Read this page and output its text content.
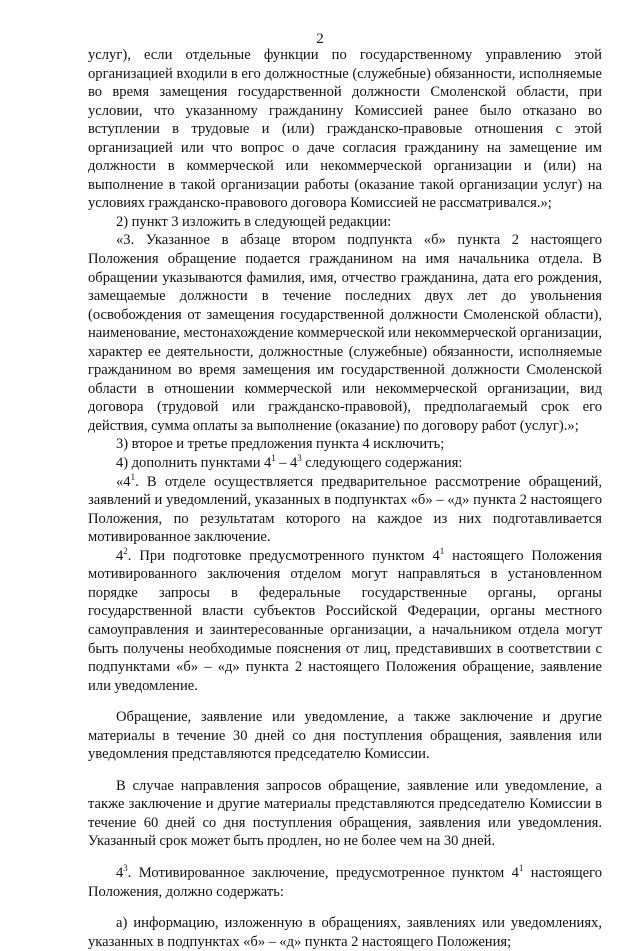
2

услуг), если отдельные функции по государственному управлению этой организацией входили в его должностные (служебные) обязанности, исполняемые во время замещения государственной должности Смоленской области, при условии, что указанному гражданину Комиссией ранее было отказано во вступлении в трудовые и (или) гражданско-правовые отношения с этой организацией или что вопрос о даче согласия гражданину на замещение им должности в коммерческой или некоммерческой организации и (или) на выполнение в такой организации работы (оказание такой организации услуг) на условиях гражданско-правового договора Комиссией не рассматривался.»;

2) пункт 3 изложить в следующей редакции:

«3. Указанное в абзаце втором подпункта «б» пункта 2 настоящего Положения обращение подается гражданином на имя начальника отдела. В обращении указываются фамилия, имя, отчество гражданина, дата его рождения, замещаемые должности в течение последних двух лет до увольнения (освобождения от замещения государственной должности Смоленской области), наименование, местонахождение коммерческой или некоммерческой организации, характер ее деятельности, должностные (служебные) обязанности, исполняемые гражданином во время замещения им государственной должности Смоленской области в отношении коммерческой или некоммерческой организации, вид договора (трудовой или гражданско-правовой), предполагаемый срок его действия, сумма оплаты за выполнение (оказание) по договору работ (услуг).»;

3) второе и третье предложения пункта 4 исключить;

4) дополнить пунктами $4^1 - 4^3$ следующего содержания:

«$4^1$. В отделе осуществляется предварительное рассмотрение обращений, заявлений и уведомлений, указанных в подпунктах «б» – «д» пункта 2 настоящего Положения, по результатам которого на каждое из них подготавливается мотивированное заключение.

$4^2$. При подготовке предусмотренного пунктом $4^1$ настоящего Положения мотивированного заключения отделом могут направляться в установленном порядке запросы в федеральные государственные органы, органы государственной власти субъектов Российской Федерации, органы местного самоуправления и заинтересованные организации, а начальником отдела могут быть получены необходимые пояснения от лиц, представивших в соответствии с подпунктами «б» – «д» пункта 2 настоящего Положения обращение, заявление или уведомление.

Обращение, заявление или уведомление, а также заключение и другие материалы в течение 30 дней со дня поступления обращения, заявления или уведомления представляются председателю Комиссии.

В случае направления запросов обращение, заявление или уведомление, а также заключение и другие материалы представляются председателю Комиссии в течение 60 дней со дня поступления обращения, заявления или уведомления. Указанный срок может быть продлен, но не более чем на 30 дней.

$4^3$. Мотивированное заключение, предусмотренное пунктом $4^1$ настоящего Положения, должно содержать:

а) информацию, изложенную в обращениях, заявлениях или уведомлениях, указанных в подпунктах «б» – «д» пункта 2 настоящего Положения;
